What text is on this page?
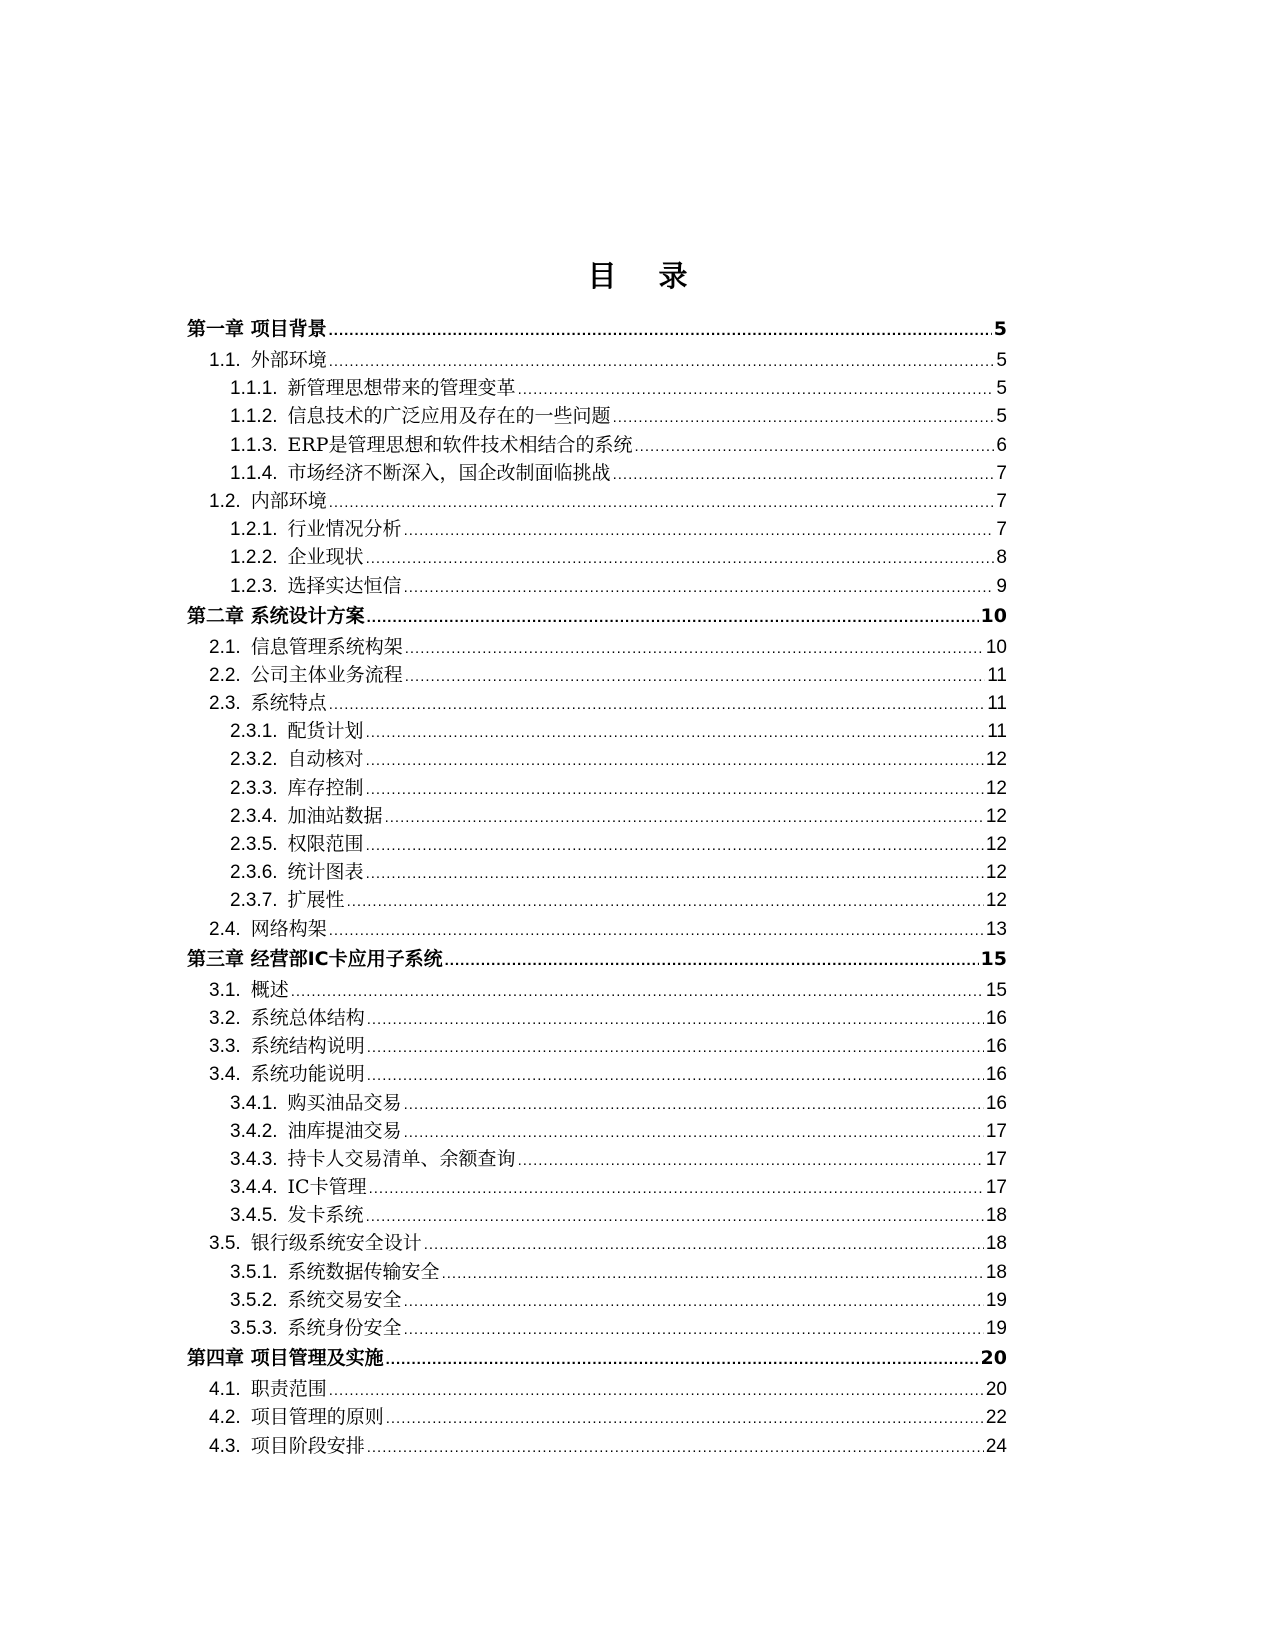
目 录
第一章 项目背景 .....	5
1.1. 外部环境 .....	5
1.1.1. 新管理思想带来的管理变革 .....	5
1.1.2. 信息技术的广泛应用及存在的一些问题 .....	5
1.1.3. ERP是管理思想和软件技术相结合的系统 .....	6
1.1.4. 市场经济不断深入，国企改制面临挑战 .....	7
1.2. 内部环境 .....	7
1.2.1. 行业情况分析 .....	7
1.2.2. 企业现状 .....	8
1.2.3. 选择实达恒信 .....	9
第二章 系统设计方案 .....	10
2.1. 信息管理系统构架 .....	10
2.2. 公司主体业务流程 .....	11
2.3. 系统特点 .....	11
2.3.1. 配货计划 .....	11
2.3.2. 自动核对 .....	12
2.3.3. 库存控制 .....	12
2.3.4. 加油站数据 .....	12
2.3.5. 权限范围 .....	12
2.3.6. 统计图表 .....	12
2.3.7. 扩展性 .....	12
2.4. 网络构架 .....	13
第三章 经营部IC卡应用子系统 .....	15
3.1. 概述 .....	15
3.2. 系统总体结构 .....	16
3.3. 系统结构说明 .....	16
3.4. 系统功能说明 .....	16
3.4.1. 购买油品交易 .....	16
3.4.2. 油库提油交易 .....	17
3.4.3. 持卡人交易清单、余额查询 .....	17
3.4.4. IC卡管理 .....	17
3.4.5. 发卡系统 .....	18
3.5. 银行级系统安全设计 .....	18
3.5.1. 系统数据传输安全 .....	18
3.5.2. 系统交易安全 .....	19
3.5.3. 系统身份安全 .....	19
第四章 项目管理及实施 .....	20
4.1. 职责范围 .....	20
4.2. 项目管理的原则 .....	22
4.3. 项目阶段安排 .....	24
